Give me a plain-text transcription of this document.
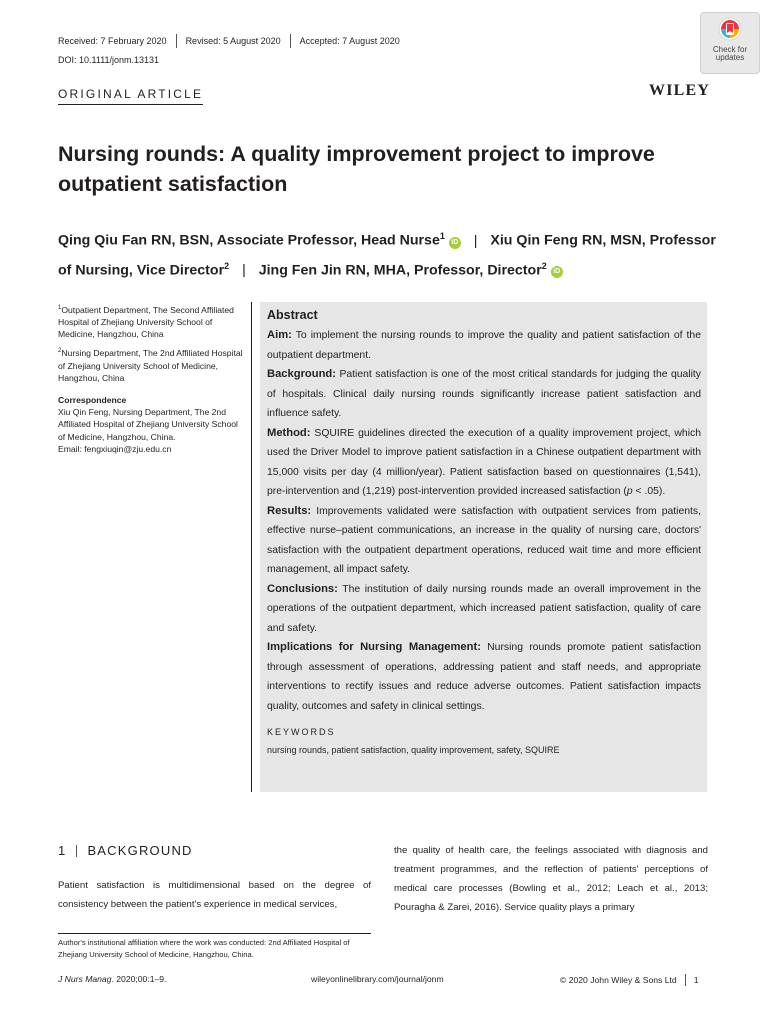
Received: 7 February 2020 Revised: 5 August 2020 Accepted: 7 August 2020
DOI: 10.1111/jonm.13131
ORIGINAL ARTICLE	WILEY
Check for
updates
Nursing rounds: A quality improvement project to improve outpatient satisfaction
Qing Qiu Fan RN, BSN, Associate Professor, Head Nurse$^1$ iD | Xiu Qin Feng RN, MSN, Professor of Nursing, Vice Director$^2$ | Jing Fen Jin RN, MHA, Professor, Director$^2$ iD

$^1$Outpatient Department, The Second Affiliated Hospital of Zhejiang University School of Medicine, Hangzhou, China

$^2$Nursing Department, The 2nd Affiliated Hospital of Zhejiang University School of Medicine, Hangzhou, China

Correspondence

Xiu Qin Feng, Nursing Department, The 2nd Affiliated Hospital of Zhejiang University School of Medicine, Hangzhou, China.
Email: fengxiuqin@zju.edu.cn

Abstract
Aim: To implement the nursing rounds to improve the quality and patient satisfaction of the outpatient department.
Background: Patient satisfaction is one of the most critical standards for judging the quality of hospitals. Clinical daily nursing rounds significantly increase patient satisfaction and influence safety.
Method: SQUIRE guidelines directed the execution of a quality improvement project, which used the Driver Model to improve patient satisfaction in a Chinese outpatient department with 15,000 visits per day (4 million/year). Patient satisfaction based on questionnaires (1,541), pre-intervention and (1,219) post-intervention provided increased satisfaction (p < .05).
Results: Improvements validated were satisfaction with outpatient services from patients, effective nurse–patient communications, an increase in the quality of nursing care, doctors' satisfaction with the outpatient department operations, reduced wait time and more efficient management, all impact safety.
Conclusions: The institution of daily nursing rounds made an overall improvement in the operations of the outpatient department, which increased patient satisfaction, quality of care and safety.
Implications for Nursing Management: Nursing rounds promote patient satisfaction through assessment of operations, addressing patient and staff needs, and appropriate interventions to rectify issues and reduce adverse outcomes. Patient satisfaction impacts quality, outcomes and safety in clinical settings.
KEYWORDS
nursing rounds, patient satisfaction, quality improvement, safety, SQUIRE
1 BACKGROUND
Patient satisfaction is multidimensional based on the degree of consistency between the patient's experience in medical services,
the quality of health care, the feelings associated with diagnosis and treatment programmes, and the reflection of patients' perceptions of medical care processes (Bowling et al., 2012; Leach et al., 2013; Pouragha & Zarei, 2016). Service quality plays a primary
Author's institutional affiliation where the work was conducted: 2nd Affiliated Hospital of Zhejiang University School of Medicine, Hangzhou, China.
J Nurs Manag. 2020;00:1–9.	wileyonlinelibrary.com/journal/jonm	© 2020 John Wiley & Sons Ltd 1
